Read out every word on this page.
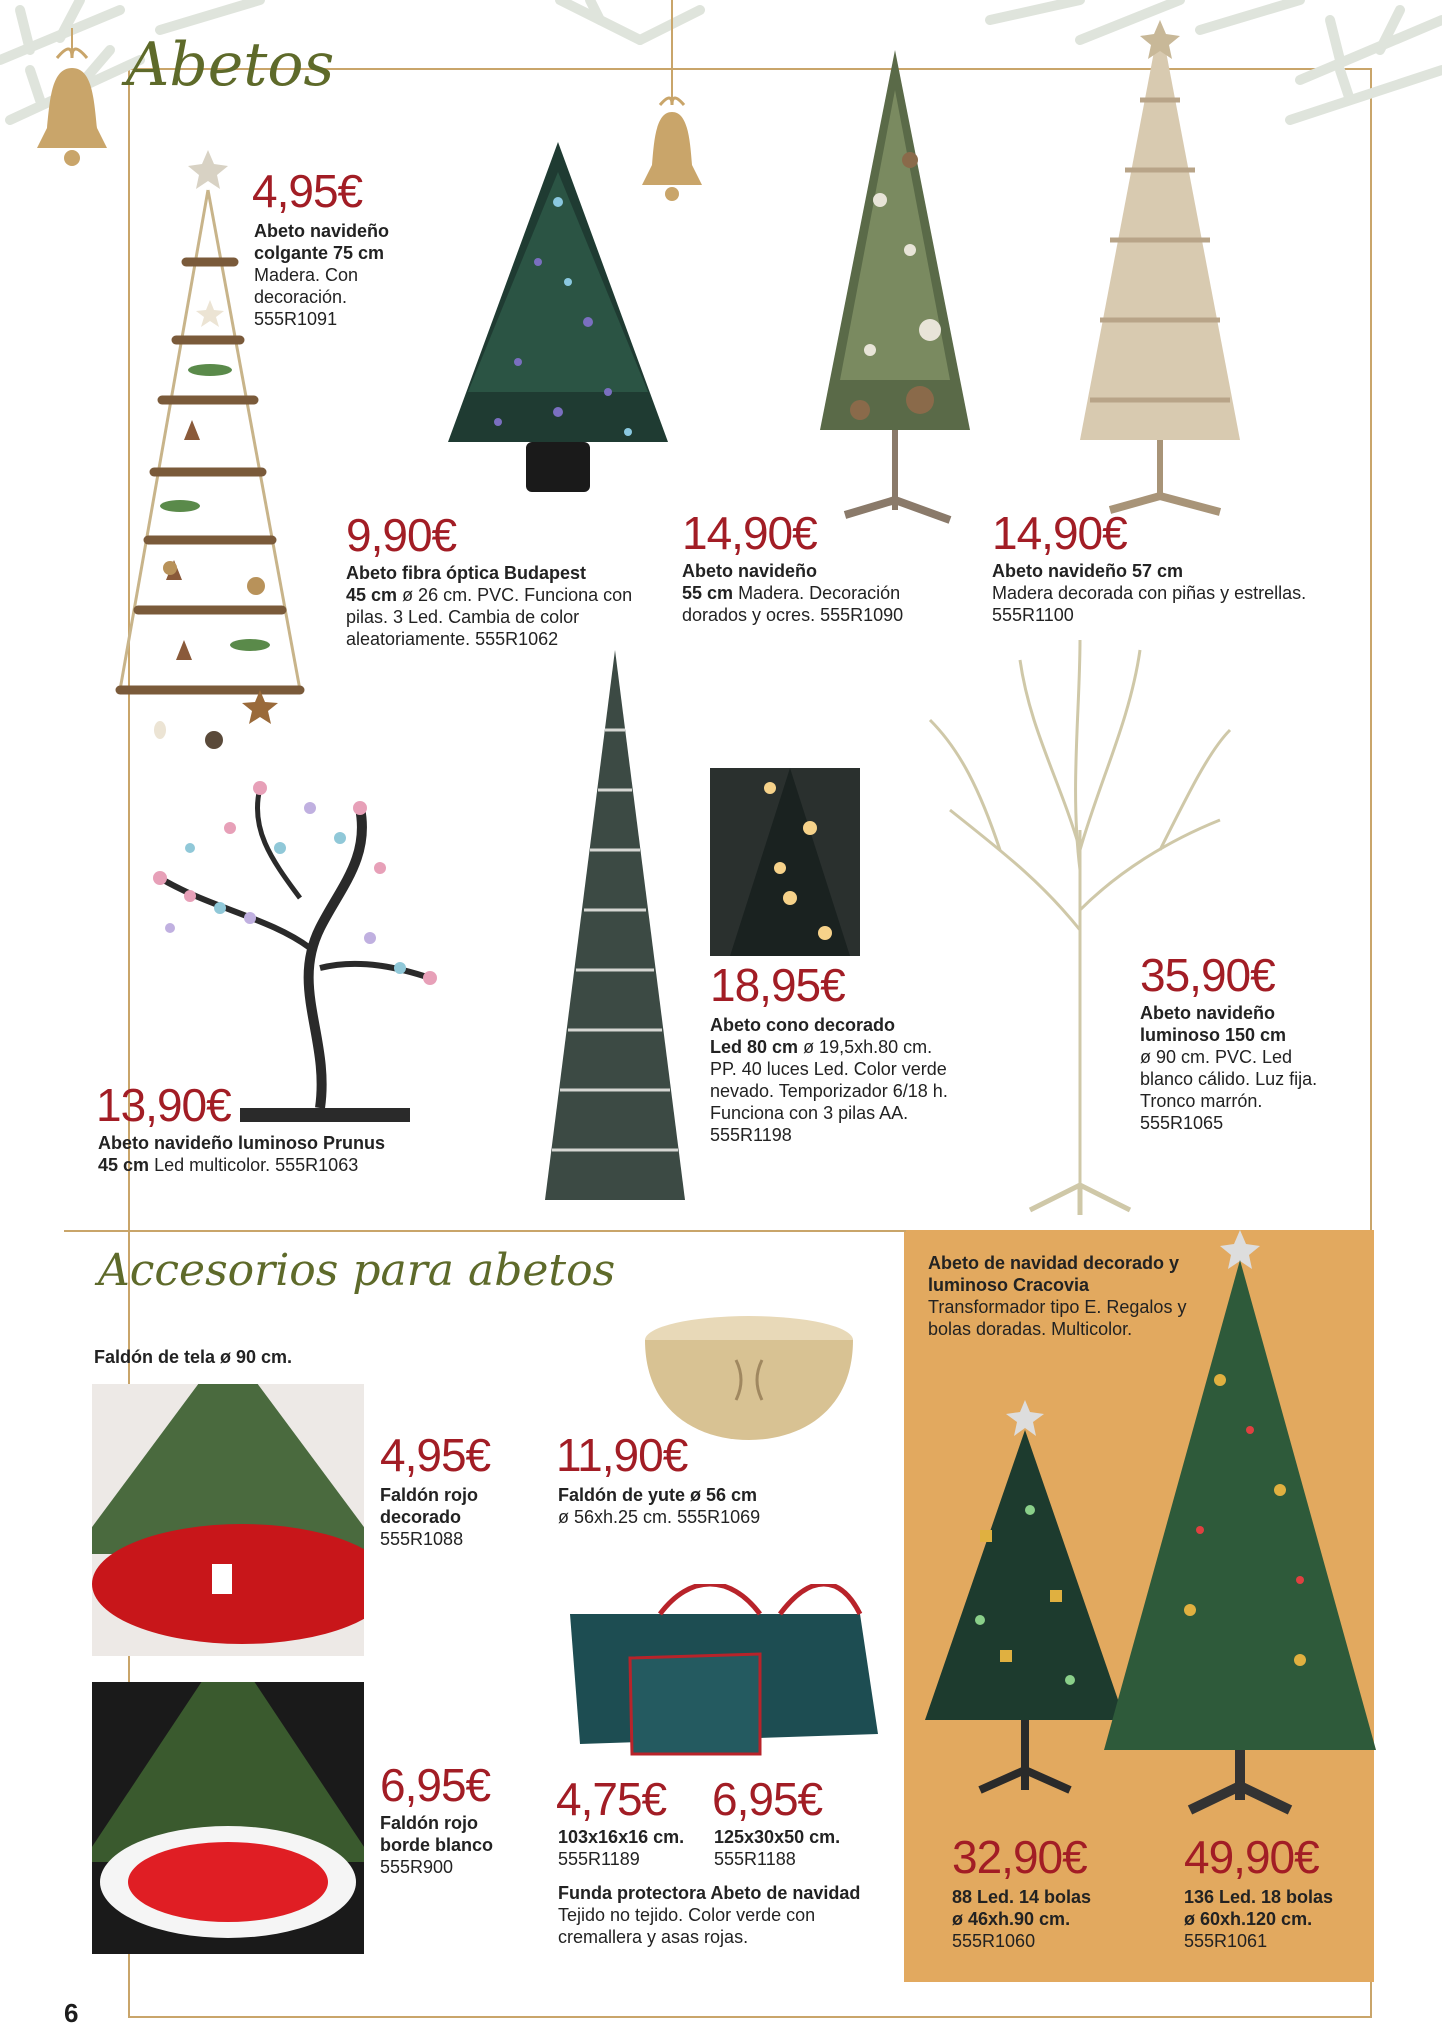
Abetos
4,95€
Abeto navideño colgante 75 cm
Madera. Con decoración.
555R1091
9,90€
Abeto fibra óptica Budapest
45 cm ø 26 cm. PVC. Funciona con pilas. 3 Led. Cambia de color aleatoriamente. 555R1062
14,90€
Abeto navideño
55 cm Madera. Decoración dorados y ocres. 555R1090
14,90€
Abeto navideño 57 cm
Madera decorada con piñas y estrellas.
555R1100
13,90€
Abeto navideño luminoso Prunus
45 cm Led multicolor. 555R1063
18,95€
Abeto cono decorado
Led 80 cm ø 19,5xh.80 cm. PP. 40 luces Led. Color verde nevado. Temporizador 6/18 h. Funciona con 3 pilas AA. 555R1198
35,90€
Abeto navideño luminoso 150 cm
ø 90 cm. PVC. Led blanco cálido. Luz fija. Tronco marrón.
555R1065
Accesorios para abetos
Faldón de tela ø 90 cm.
4,95€
Faldón rojo decorado
555R1088
11,90€
Faldón de yute ø 56 cm
ø 56xh.25 cm. 555R1069
6,95€
Faldón rojo borde blanco
555R900
4,75€
103x16x16 cm.
555R1189
6,95€
125x30x50 cm.
555R1188
Funda protectora Abeto de navidad
Tejido no tejido. Color verde con cremallera y asas rojas.
Abeto de navidad decorado y luminoso Cracovia
Transformador tipo E. Regalos y bolas doradas. Multicolor.
32,90€
88 Led. 14 bolas
ø 46xh.90 cm.
555R1060
49,90€
136 Led. 18 bolas
ø 60xh.120 cm.
555R1061
6
